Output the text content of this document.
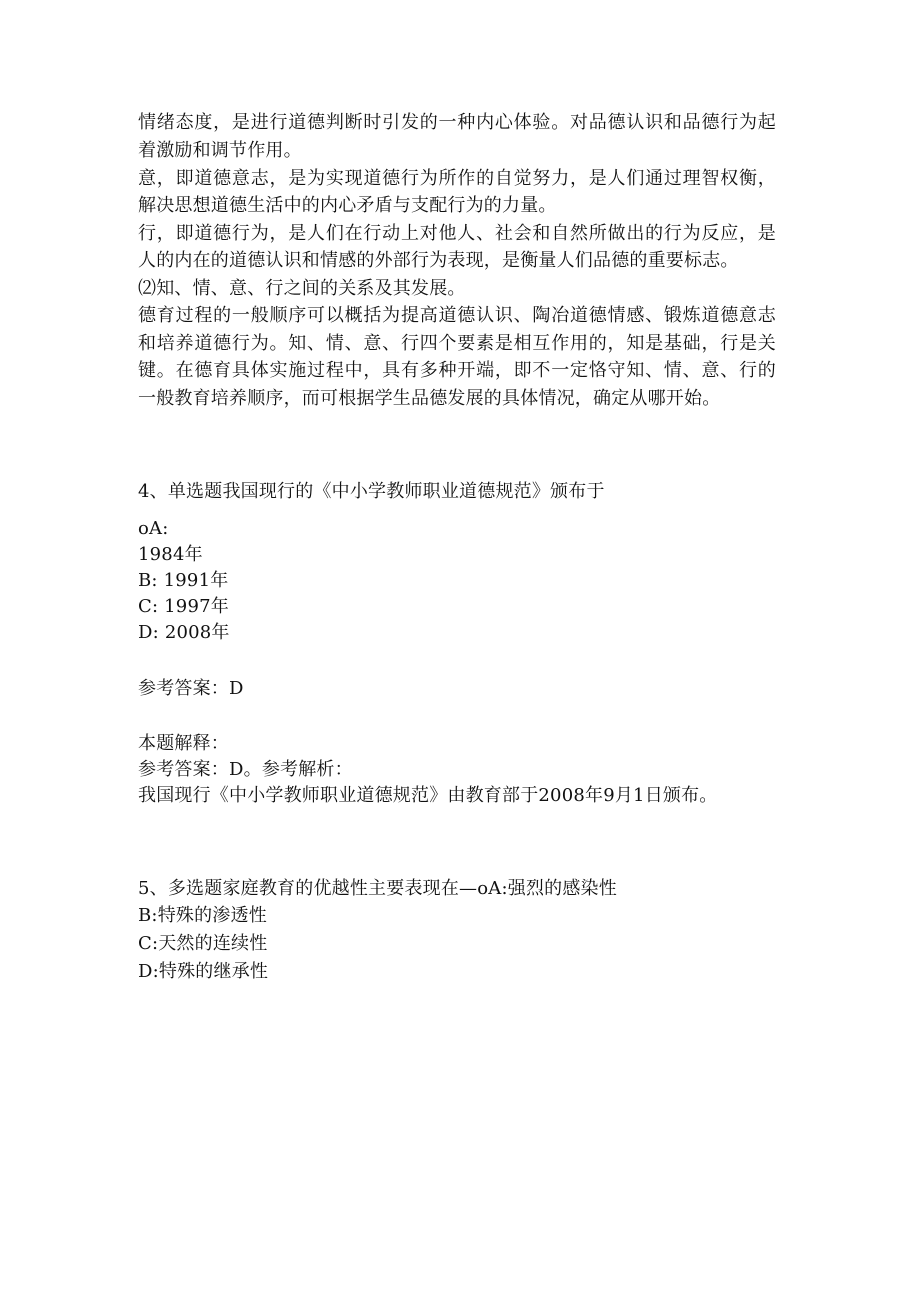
情绪态度，是进行道德判断时引发的一种内心体验。对品德认识和品德行为起
着激励和调节作用。
意，即道德意志，是为实现道德行为所作的自觉努力，是人们通过理智权衡，
解决思想道德生活中的内心矛盾与支配行为的力量。
行，即道德行为，是人们在行动上对他人、社会和自然所做出的行为反应，是
人的内在的道德认识和情感的外部行为表现，是衡量人们品德的重要标志。
⑵知、情、意、行之间的关系及其发展。
德育过程的一般顺序可以概括为提高道德认识、陶冶道德情感、锻炼道德意志
和培养道德行为。知、情、意、行四个要素是相互作用的，知是基础，行是关
键。在德育具体实施过程中，具有多种开端，即不一定恪守知、情、意、行的
一般教育培养顺序，而可根据学生品德发展的具体情况，确定从哪开始。
4、单选题我国现行的《中小学教师职业道德规范》颁布于
oA:
1984年
B: 1991年
C: 1997年
D: 2008年
参考答案：D
本题解释：
参考答案：D。参考解析：
我国现行《中小学教师职业道德规范》由教育部于2008年9月1日颁布。
5、多选题家庭教育的优越性主要表现在—oA:强烈的感染性
B:特殊的渗透性
C:天然的连续性
D:特殊的继承性
